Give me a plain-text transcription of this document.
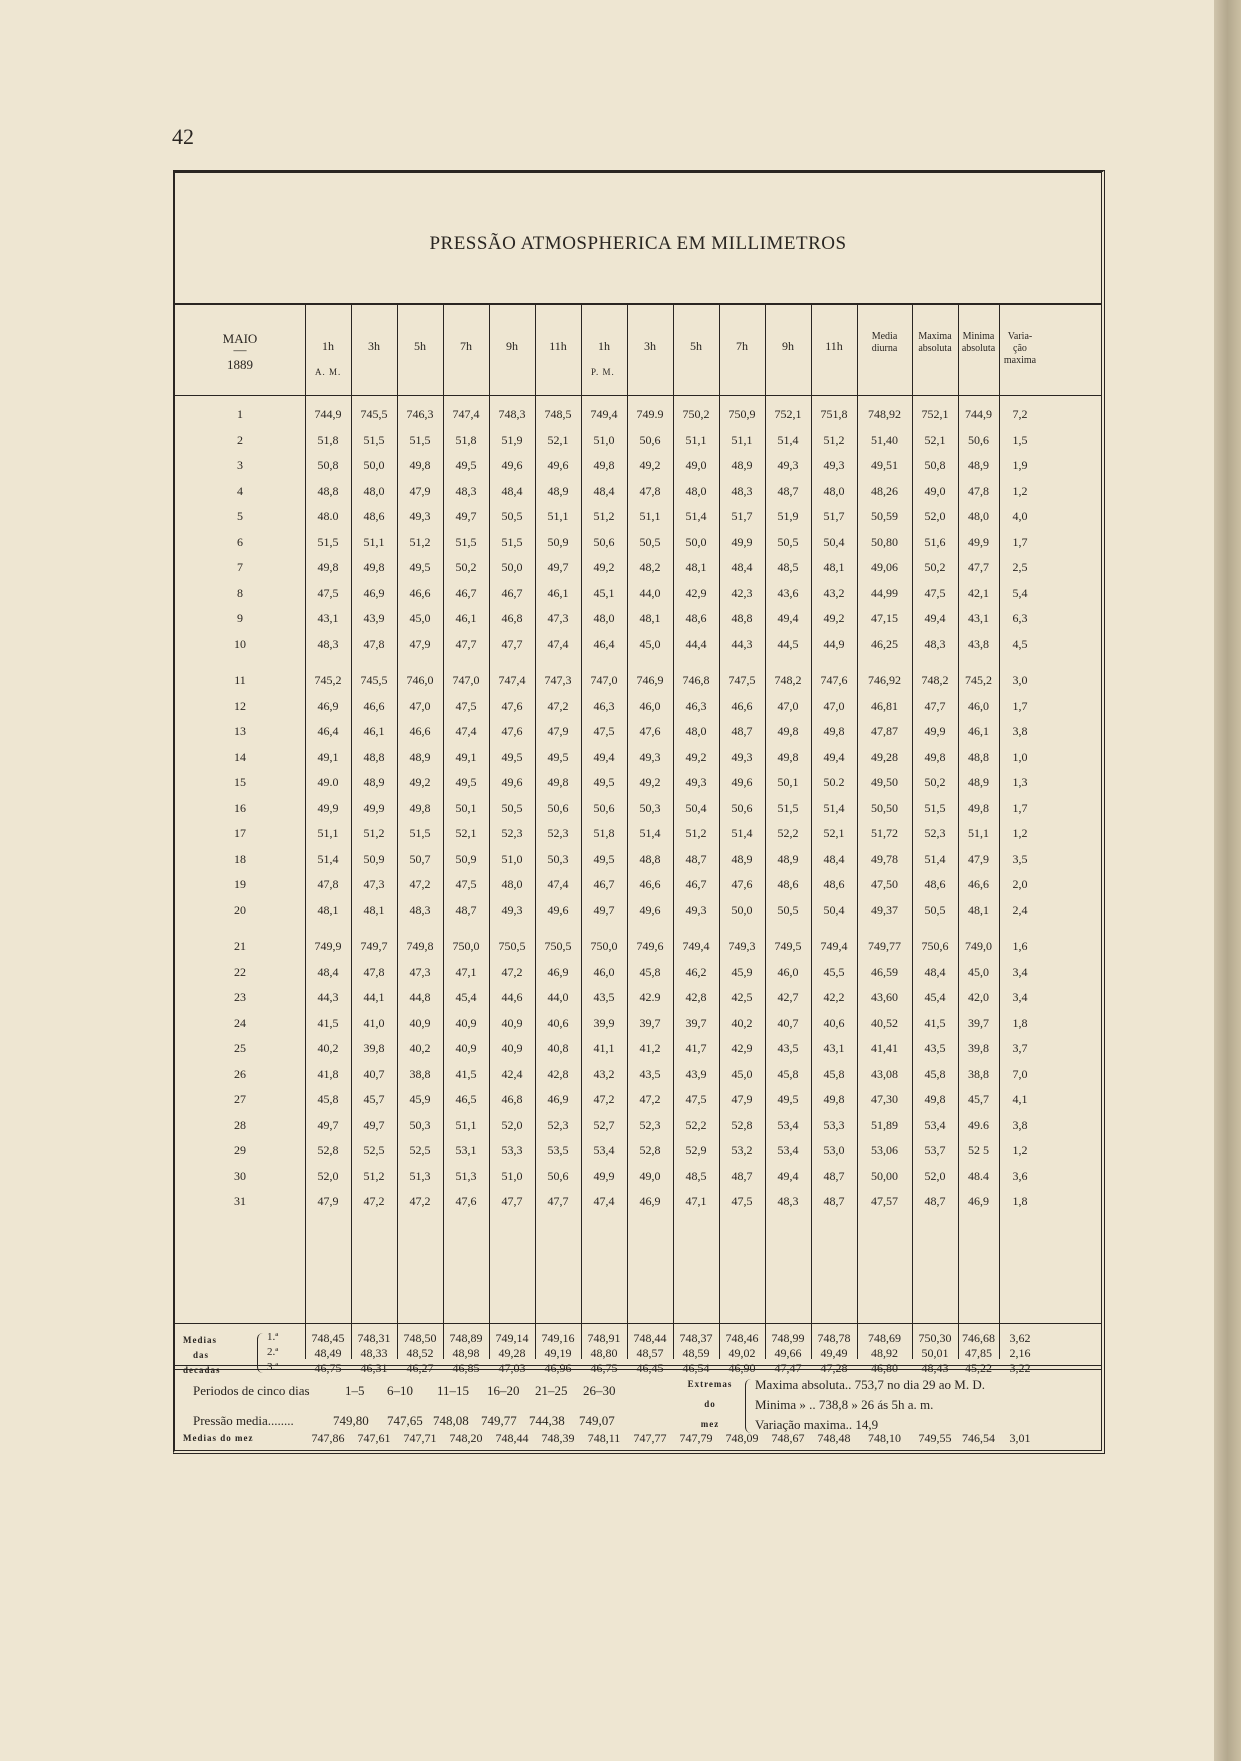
42
PRESSÃO ATMOSPHERICA EM MILLIMETROS
MAIO
—
1889
1h	3h	5h	7h	9h	11h	1h	3h	5h	7h	9h	11h
A. M.	P. M.
Media
diurna
Maxima
absoluta
Minima
absoluta
Varia-
ção
maxima
1	744,9	745,5	746,3	747,4	748,3	748,5	749,4	749.9	750,2	750,9	752,1	751,8	748,92	752,1	744,9	7,2
2	51,8	51,5	51,5	51,8	51,9	52,1	51,0	50,6	51,1	51,1	51,4	51,2	51,40	52,1	50,6	1,5
3	50,8	50,0	49,8	49,5	49,6	49,6	49,8	49,2	49,0	48,9	49,3	49,3	49,51	50,8	48,9	1,9
4	48,8	48,0	47,9	48,3	48,4	48,9	48,4	47,8	48,0	48,3	48,7	48,0	48,26	49,0	47,8	1,2
5	48.0	48,6	49,3	49,7	50,5	51,1	51,2	51,1	51,4	51,7	51,9	51,7	50,59	52,0	48,0	4,0
6	51,5	51,1	51,2	51,5	51,5	50,9	50,6	50,5	50,0	49,9	50,5	50,4	50,80	51,6	49,9	1,7
7	49,8	49,8	49,5	50,2	50,0	49,7	49,2	48,2	48,1	48,4	48,5	48,1	49,06	50,2	47,7	2,5
8	47,5	46,9	46,6	46,7	46,7	46,1	45,1	44,0	42,9	42,3	43,6	43,2	44,99	47,5	42,1	5,4
9	43,1	43,9	45,0	46,1	46,8	47,3	48,0	48,1	48,6	48,8	49,4	49,2	47,15	49,4	43,1	6,3
10	48,3	47,8	47,9	47,7	47,7	47,4	46,4	45,0	44,4	44,3	44,5	44,9	46,25	48,3	43,8	4,5
11	745,2	745,5	746,0	747,0	747,4	747,3	747,0	746,9	746,8	747,5	748,2	747,6	746,92	748,2	745,2	3,0
12	46,9	46,6	47,0	47,5	47,6	47,2	46,3	46,0	46,3	46,6	47,0	47,0	46,81	47,7	46,0	1,7
13	46,4	46,1	46,6	47,4	47,6	47,9	47,5	47,6	48,0	48,7	49,8	49,8	47,87	49,9	46,1	3,8
14	49,1	48,8	48,9	49,1	49,5	49,5	49,4	49,3	49,2	49,3	49,8	49,4	49,28	49,8	48,8	1,0
15	49.0	48,9	49,2	49,5	49,6	49,8	49,5	49,2	49,3	49,6	50,1	50.2	49,50	50,2	48,9	1,3
16	49,9	49,9	49,8	50,1	50,5	50,6	50,6	50,3	50,4	50,6	51,5	51,4	50,50	51,5	49,8	1,7
17	51,1	51,2	51,5	52,1	52,3	52,3	51,8	51,4	51,2	51,4	52,2	52,1	51,72	52,3	51,1	1,2
18	51,4	50,9	50,7	50,9	51,0	50,3	49,5	48,8	48,7	48,9	48,9	48,4	49,78	51,4	47,9	3,5
19	47,8	47,3	47,2	47,5	48,0	47,4	46,7	46,6	46,7	47,6	48,6	48,6	47,50	48,6	46,6	2,0
20	48,1	48,1	48,3	48,7	49,3	49,6	49,7	49,6	49,3	50,0	50,5	50,4	49,37	50,5	48,1	2,4
21	749,9	749,7	749,8	750,0	750,5	750,5	750,0	749,6	749,4	749,3	749,5	749,4	749,77	750,6	749,0	1,6
22	48,4	47,8	47,3	47,1	47,2	46,9	46,0	45,8	46,2	45,9	46,0	45,5	46,59	48,4	45,0	3,4
23	44,3	44,1	44,8	45,4	44,6	44,0	43,5	42.9	42,8	42,5	42,7	42,2	43,60	45,4	42,0	3,4
24	41,5	41,0	40,9	40,9	40,9	40,6	39,9	39,7	39,7	40,2	40,7	40,6	40,52	41,5	39,7	1,8
25	40,2	39,8	40,2	40,9	40,9	40,8	41,1	41,2	41,7	42,9	43,5	43,1	41,41	43,5	39,8	3,7
26	41,8	40,7	38,8	41,5	42,4	42,8	43,2	43,5	43,9	45,0	45,8	45,8	43,08	45,8	38,8	7,0
27	45,8	45,7	45,9	46,5	46,8	46,9	47,2	47,2	47,5	47,9	49,5	49,8	47,30	49,8	45,7	4,1
28	49,7	49,7	50,3	51,1	52,0	52,3	52,7	52,3	52,2	52,8	53,4	53,3	51,89	53,4	49.6	3,8
29	52,8	52,5	52,5	53,1	53,3	53,5	53,4	52,8	52,9	53,2	53,4	53,0	53,06	53,7	52 5	1,2
30	52,0	51,2	51,3	51,3	51,0	50,6	49,9	49,0	48,5	48,7	49,4	48,7	50,00	52,0	48.4	3,6
31	47,9	47,2	47,2	47,6	47,7	47,7	47,4	46,9	47,1	47,5	48,3	48,7	47,57	48,7	46,9	1,8
Medias
das
decadas
1.ª	748,45	748,31	748,50	748,89	749,14	749,16	748,91	748,44	748,37	748,46	748,99	748,78	748,69	750,30 746,68	3,62
2.ª	48,49	48,33	48,52	48,98	49,28	49,19	48,80	48,57	48,59	49,02	49,66	49,49	48,92	50,01	47,85	2,16
3.ª	46,75	46,31	46,27	46,85	47,03	46,96	46,75	46,45	46,54	46,90	47,47	47,28	46,80	48,43	45,22	3,22
Medias do mez	747,86	747,61	747,71	748,20	748,44	748,39	748,11	747,77	747,79	748,09	748,67	748,48	748,10	749,55 746,54	3,01
Periodos de cinco dias
Pressão media........
Extremas
do
mez
Maxima absoluta.. 753,7 no dia 29 ao M. D.
Minima » .. 738,8 » 26 ás 5h a. m.
Variação maxima.. 14,9
1–5 6–10 11–15 16–20 21–25 26–30
749,80 747,65 748,08 749,77 744,38 749,07
